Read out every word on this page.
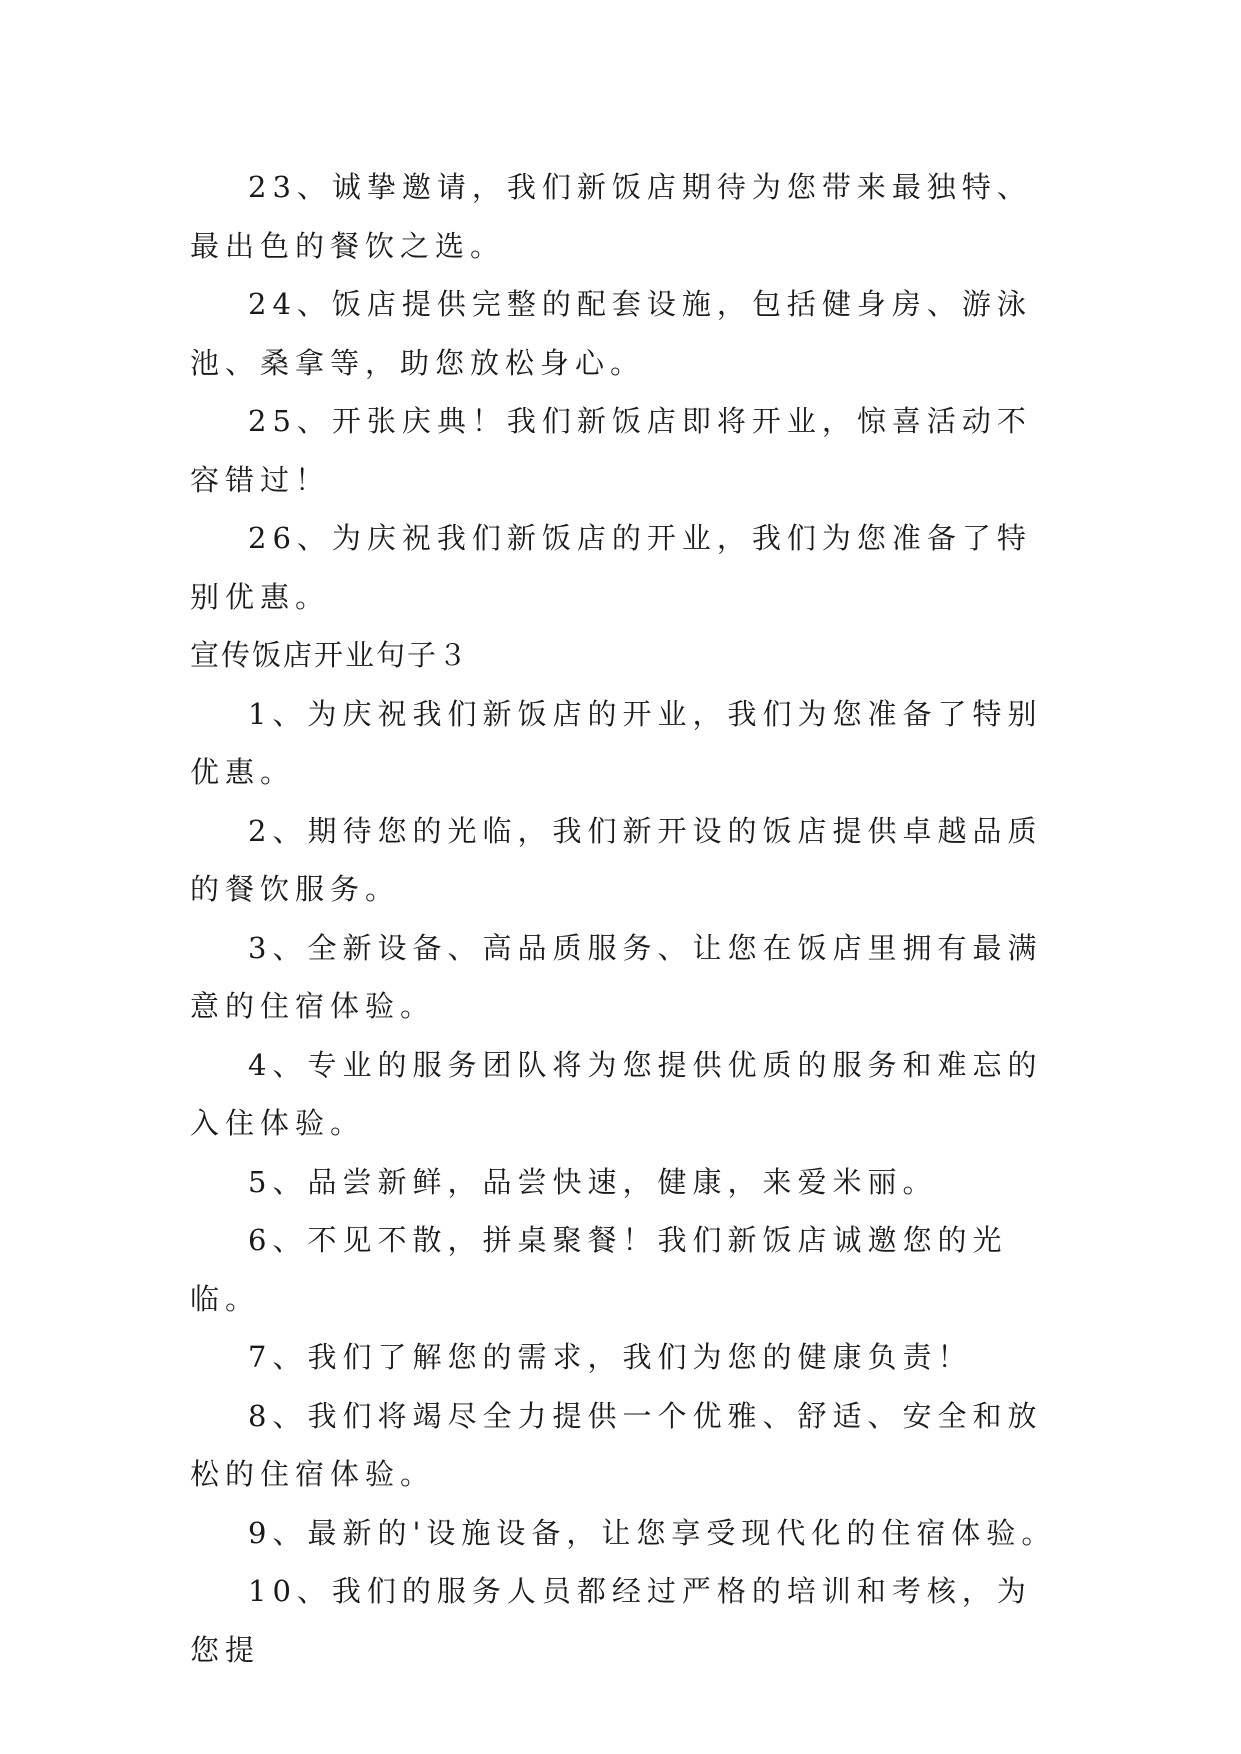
23、诚挚邀请，我们新饭店期待为您带来最独特、最出色的餐饮之选。

24、饭店提供完整的配套设施，包括健身房、游泳池、桑拿等，助您放松身心。

25、开张庆典！我们新饭店即将开业，惊喜活动不容错过！

26、为庆祝我们新饭店的开业，我们为您准备了特别优惠。

宣传饭店开业句子３

1、为庆祝我们新饭店的开业，我们为您准备了特别优惠。

2、期待您的光临，我们新开设的饭店提供卓越品质的餐饮服务。

3、全新设备、高品质服务、让您在饭店里拥有最满意的住宿体验。

4、专业的服务团队将为您提供优质的服务和难忘的入住体验。

5、品尝新鲜，品尝快速，健康，来爱米丽。

6、不见不散，拼桌聚餐！我们新饭店诚邀您的光临。

7、我们了解您的需求，我们为您的健康负责！

8、我们将竭尽全力提供一个优雅、舒适、安全和放松的住宿体验。

9、最新的'设施设备，让您享受现代化的住宿体验。

10、我们的服务人员都经过严格的培训和考核，为您提
